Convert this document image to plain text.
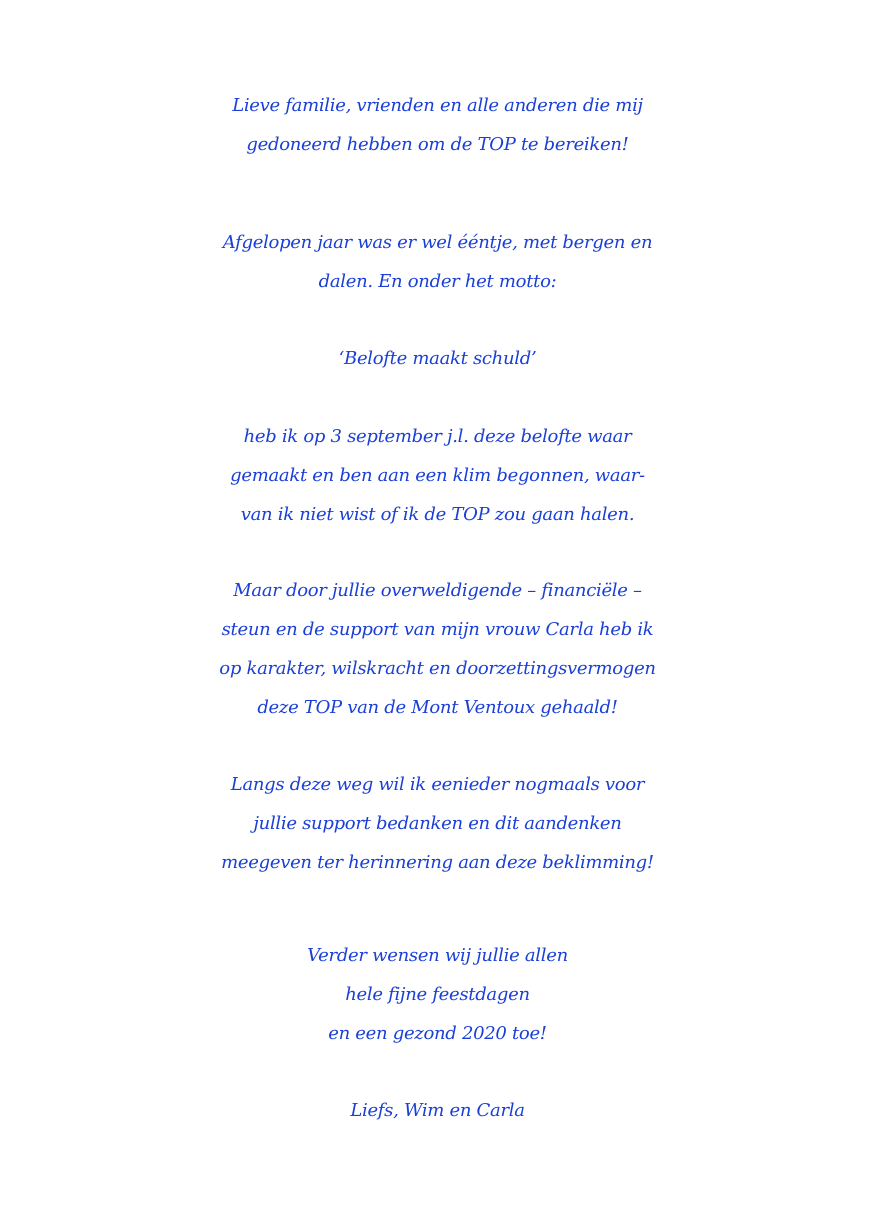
Lieve familie, vrienden en alle anderen die mij
gedoneerd hebben om de TOP te bereiken!
Afgelopen jaar was er wel ééntje, met bergen en
dalen. En onder het motto:
‘Belofte maakt schuld’
heb ik op 3 september j.l. deze belofte waar
gemaakt en ben aan een klim begonnen, waar-
van ik niet wist of ik de TOP zou gaan halen.
Maar door jullie overweldigende – financiële –
steun en de support van mijn vrouw Carla heb ik
op karakter, wilskracht en doorzettingsvermogen
deze TOP van de Mont Ventoux gehaald!
Langs deze weg wil ik eenieder nogmaals voor
jullie support bedanken en dit aandenken
meegeven ter herinnering aan deze beklimming!
Verder wensen wij jullie allen
hele fijne feestdagen
en een gezond 2020 toe!
Liefs, Wim en Carla
